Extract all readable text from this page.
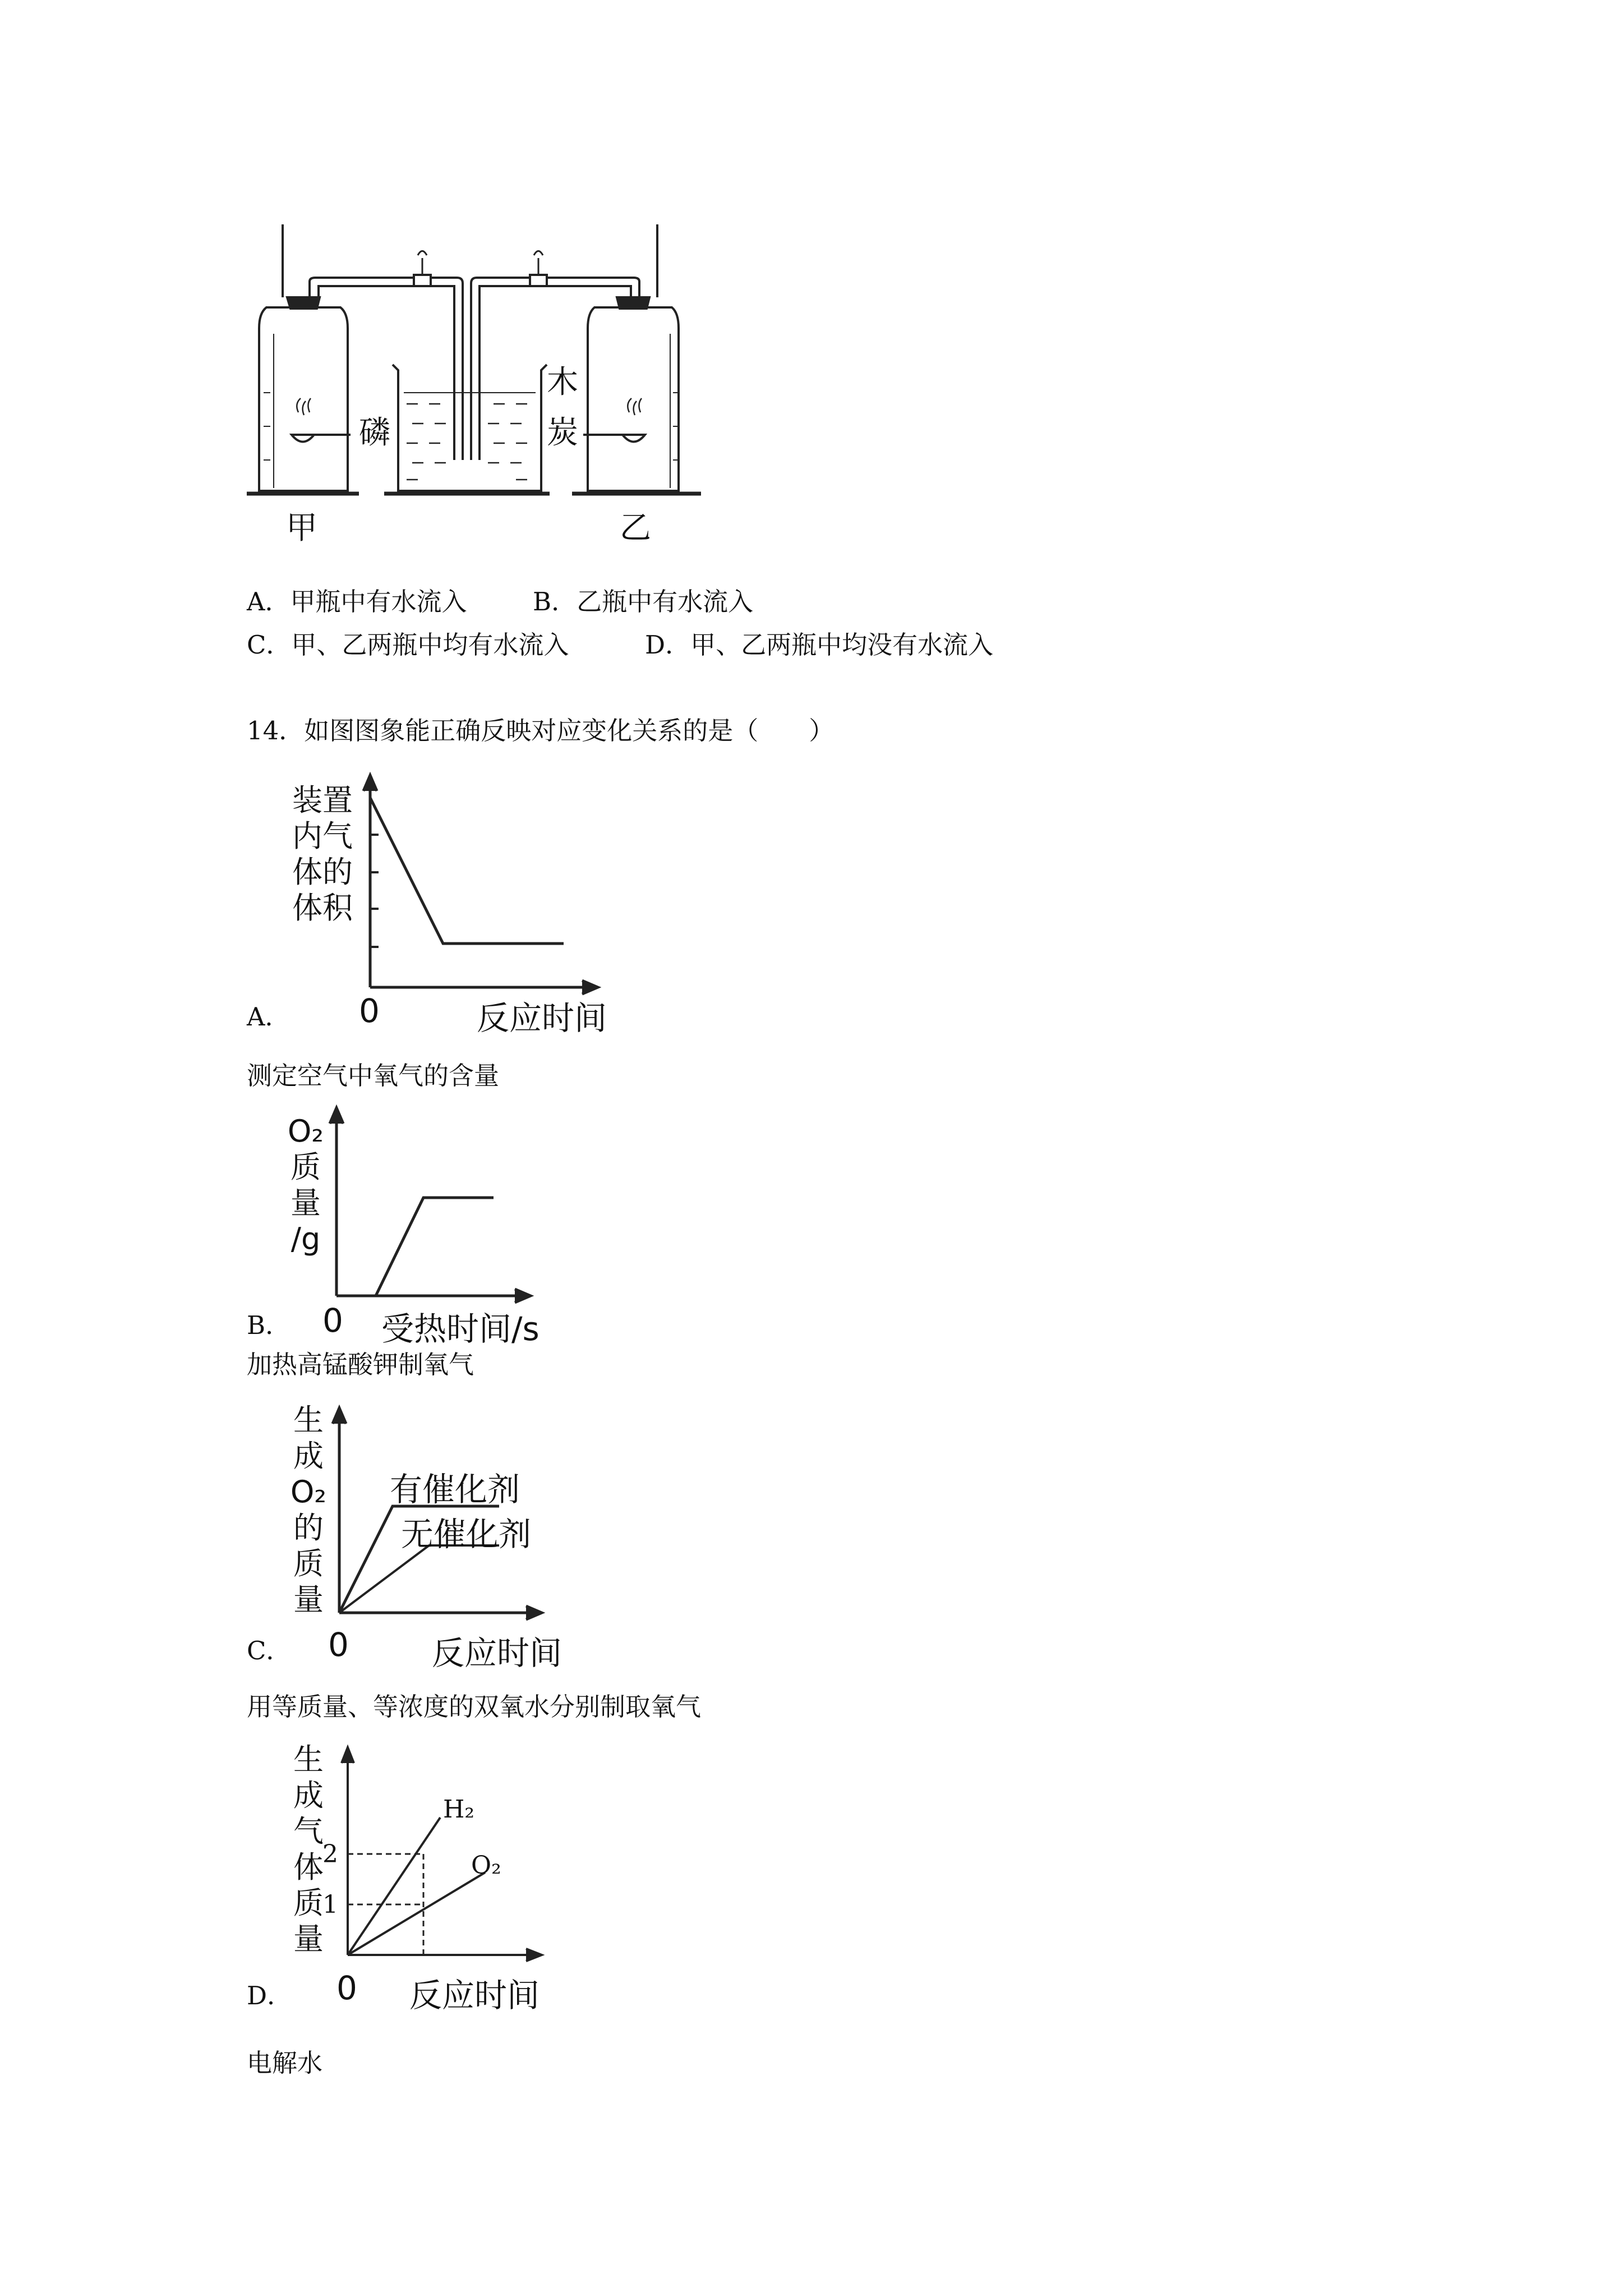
甲	乙
磷
木
炭
A．甲瓶中有水流入	B．乙瓶中有水流入
C．甲、乙两瓶中均有水流入	D．甲、乙两瓶中均没有水流入
14．如图图象能正确反映对应变化关系的是（　　）
装置
内气
体的
体积
A． 0	反应时间
测定空气中氧气的含量
O₂
质
量
/g
B． 0 受热时间/s
加热高锰酸钾制氧气
生
成
O₂
的
质
量
有催化剂
无催化剂
C． 0	反应时间
用等质量、等浓度的双氧水分别制取氧气
生
成
气
体
质
量
2
1
H₂
O₂
D． 0 反应时间
电解水
